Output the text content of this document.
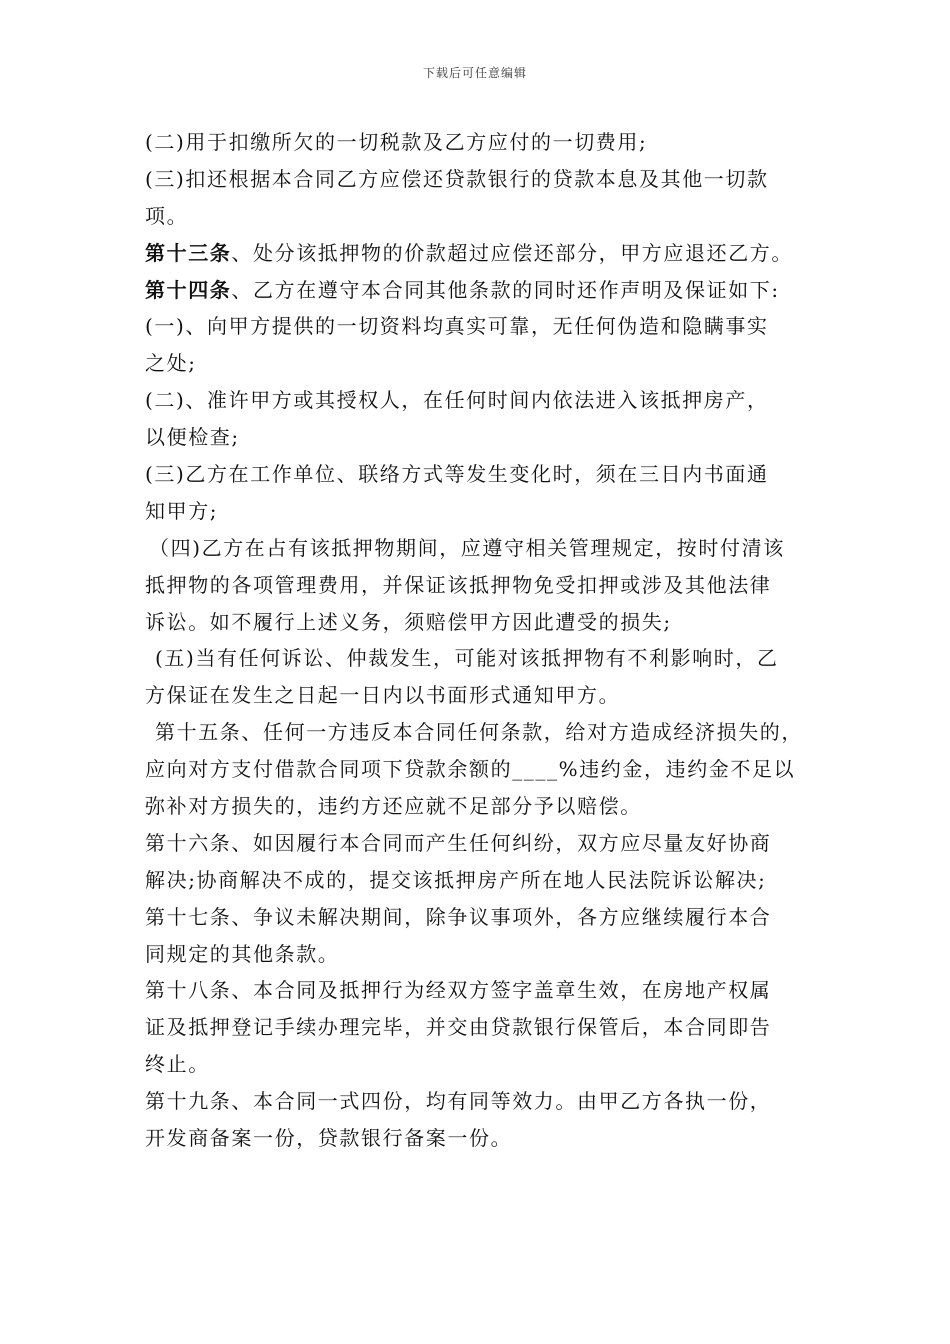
下载后可任意编辑
(二)用于扣缴所欠的一切税款及乙方应付的一切费用;
(三)扣还根据本合同乙方应偿还贷款银行的贷款本息及其他一切款
项。
第十三条、处分该抵押物的价款超过应偿还部分，甲方应退还乙方。
第十四条、乙方在遵守本合同其他条款的同时还作声明及保证如下:
(一)、向甲方提供的一切资料均真实可靠，无任何伪造和隐瞒事实
之处;
(二)、准许甲方或其授权人，在任何时间内依法进入该抵押房产，
以便检查;
(三)乙方在工作单位、联络方式等发生变化时，须在三日内书面通
知甲方;
（四)乙方在占有该抵押物期间，应遵守相关管理规定，按时付清该
抵押物的各项管理费用，并保证该抵押物免受扣押或涉及其他法律
诉讼。如不履行上述义务，须赔偿甲方因此遭受的损失;
(五)当有任何诉讼、仲裁发生，可能对该抵押物有不利影响时，乙
方保证在发生之日起一日内以书面形式通知甲方。
第十五条、任何一方违反本合同任何条款，给对方造成经济损失的，
应向对方支付借款合同项下贷款余额的____%违约金，违约金不足以
弥补对方损失的，违约方还应就不足部分予以赔偿。
第十六条、如因履行本合同而产生任何纠纷，双方应尽量友好协商
解决;协商解决不成的，提交该抵押房产所在地人民法院诉讼解决;
第十七条、争议未解决期间，除争议事项外，各方应继续履行本合
同规定的其他条款。
第十八条、本合同及抵押行为经双方签字盖章生效，在房地产权属
证及抵押登记手续办理完毕，并交由贷款银行保管后，本合同即告
终止。
第十九条、本合同一式四份，均有同等效力。由甲乙方各执一份，
开发商备案一份，贷款银行备案一份。
